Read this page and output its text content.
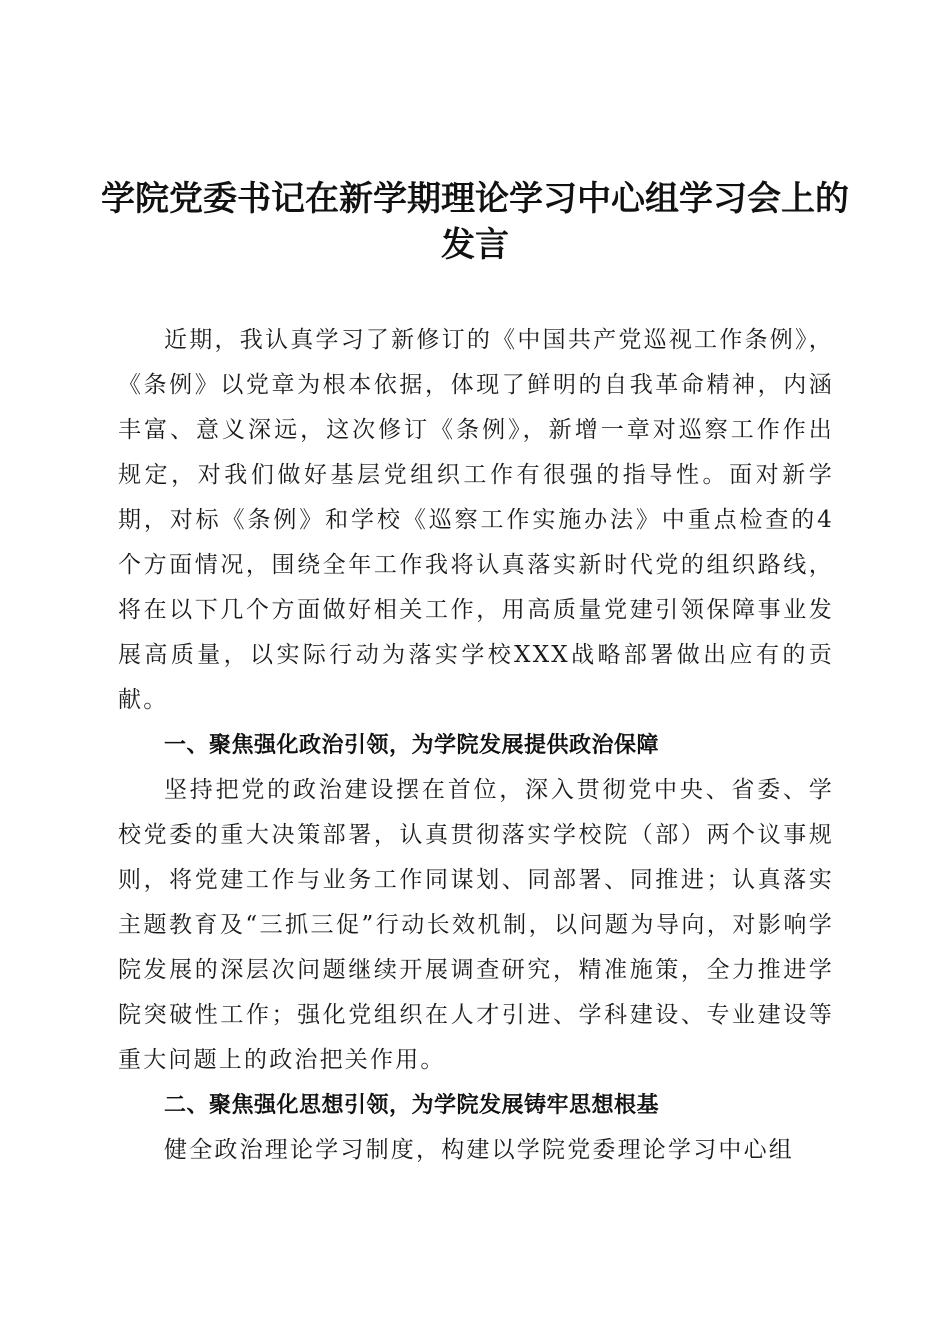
学院党委书记在新学期理论学习中心组学习会上的发言

近期，我认真学习了新修订的《中国共产党巡视工作条例》，《条例》以党章为根本依据，体现了鲜明的自我革命精神，内涵丰富、意义深远，这次修订《条例》，新增一章对巡察工作作出规定，对我们做好基层党组织工作有很强的指导性。面对新学期，对标《条例》和学校《巡察工作实施办法》中重点检查的4个方面情况，围绕全年工作我将认真落实新时代党的组织路线，将在以下几个方面做好相关工作，用高质量党建引领保障事业发展高质量，以实际行动为落实学校XXX战略部署做出应有的贡献。

一、聚焦强化政治引领，为学院发展提供政治保障

坚持把党的政治建设摆在首位，深入贯彻党中央、省委、学校党委的重大决策部署，认真贯彻落实学校院（部）两个议事规则，将党建工作与业务工作同谋划、同部署、同推进；认真落实主题教育及“三抓三促”行动长效机制，以问题为导向，对影响学院发展的深层次问题继续开展调查研究，精准施策，全力推进学院突破性工作；强化党组织在人才引进、学科建设、专业建设等重大问题上的政治把关作用。

二、聚焦强化思想引领，为学院发展铸牢思想根基

健全政治理论学习制度，构建以学院党委理论学习中心组
